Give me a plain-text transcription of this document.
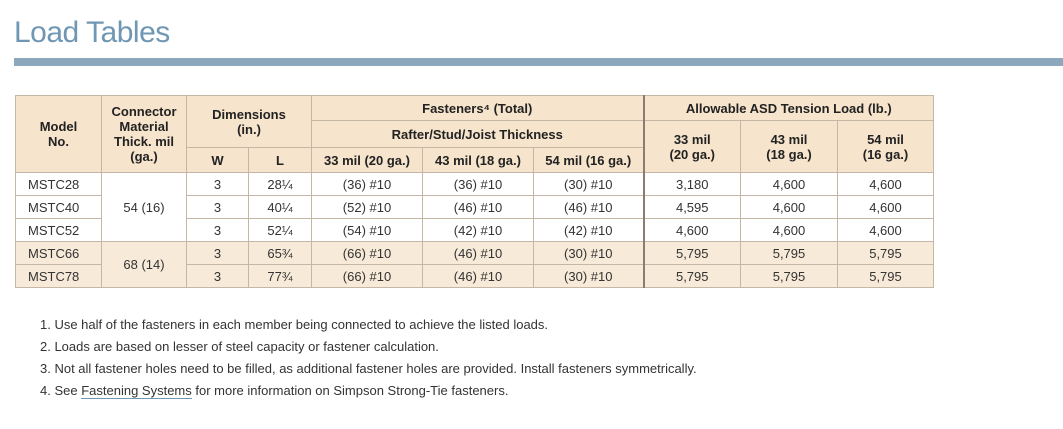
Load Tables
Model No.	Connector Material Thick. mil (ga.)	Dimensions (in.)		Fasteners⁴ (Total)			Allowable ASD Tension Load (lb.)		
				Rafter/Stud/Joist Thickness			33 mil (20 ga.)	43 mil (18 ga.)	54 mil (16 ga.)

		W	L	33 mil (20 ga.)	43 mil (18 ga.)	54 mil (16 ga.)			
MSTC28	54 (16)	3	28¼	(36) #10	(36) #10	(30) #10	3,180	4,600	4,600
MSTC40		3	40¼	(52) #10	(46) #10	(46) #10	4,595	4,600	4,600
MSTC52		3	52¼	(54) #10	(42) #10	(42) #10	4,600	4,600	4,600
MSTC66	68 (14)	3	65¾	(66) #10	(46) #10	(30) #10	5,795	5,795	5,795
MSTC78		3	77¾	(66) #10	(46) #10	(30) #10	5,795	5,795	5,795
1. Use half of the fasteners in each member being connected to achieve the listed loads.
2. Loads are based on lesser of steel capacity or fastener calculation.
3. Not all fastener holes need to be filled, as additional fastener holes are provided. Install fasteners symmetrically.
4. See Fastening Systems for more information on Simpson Strong-Tie fasteners.
